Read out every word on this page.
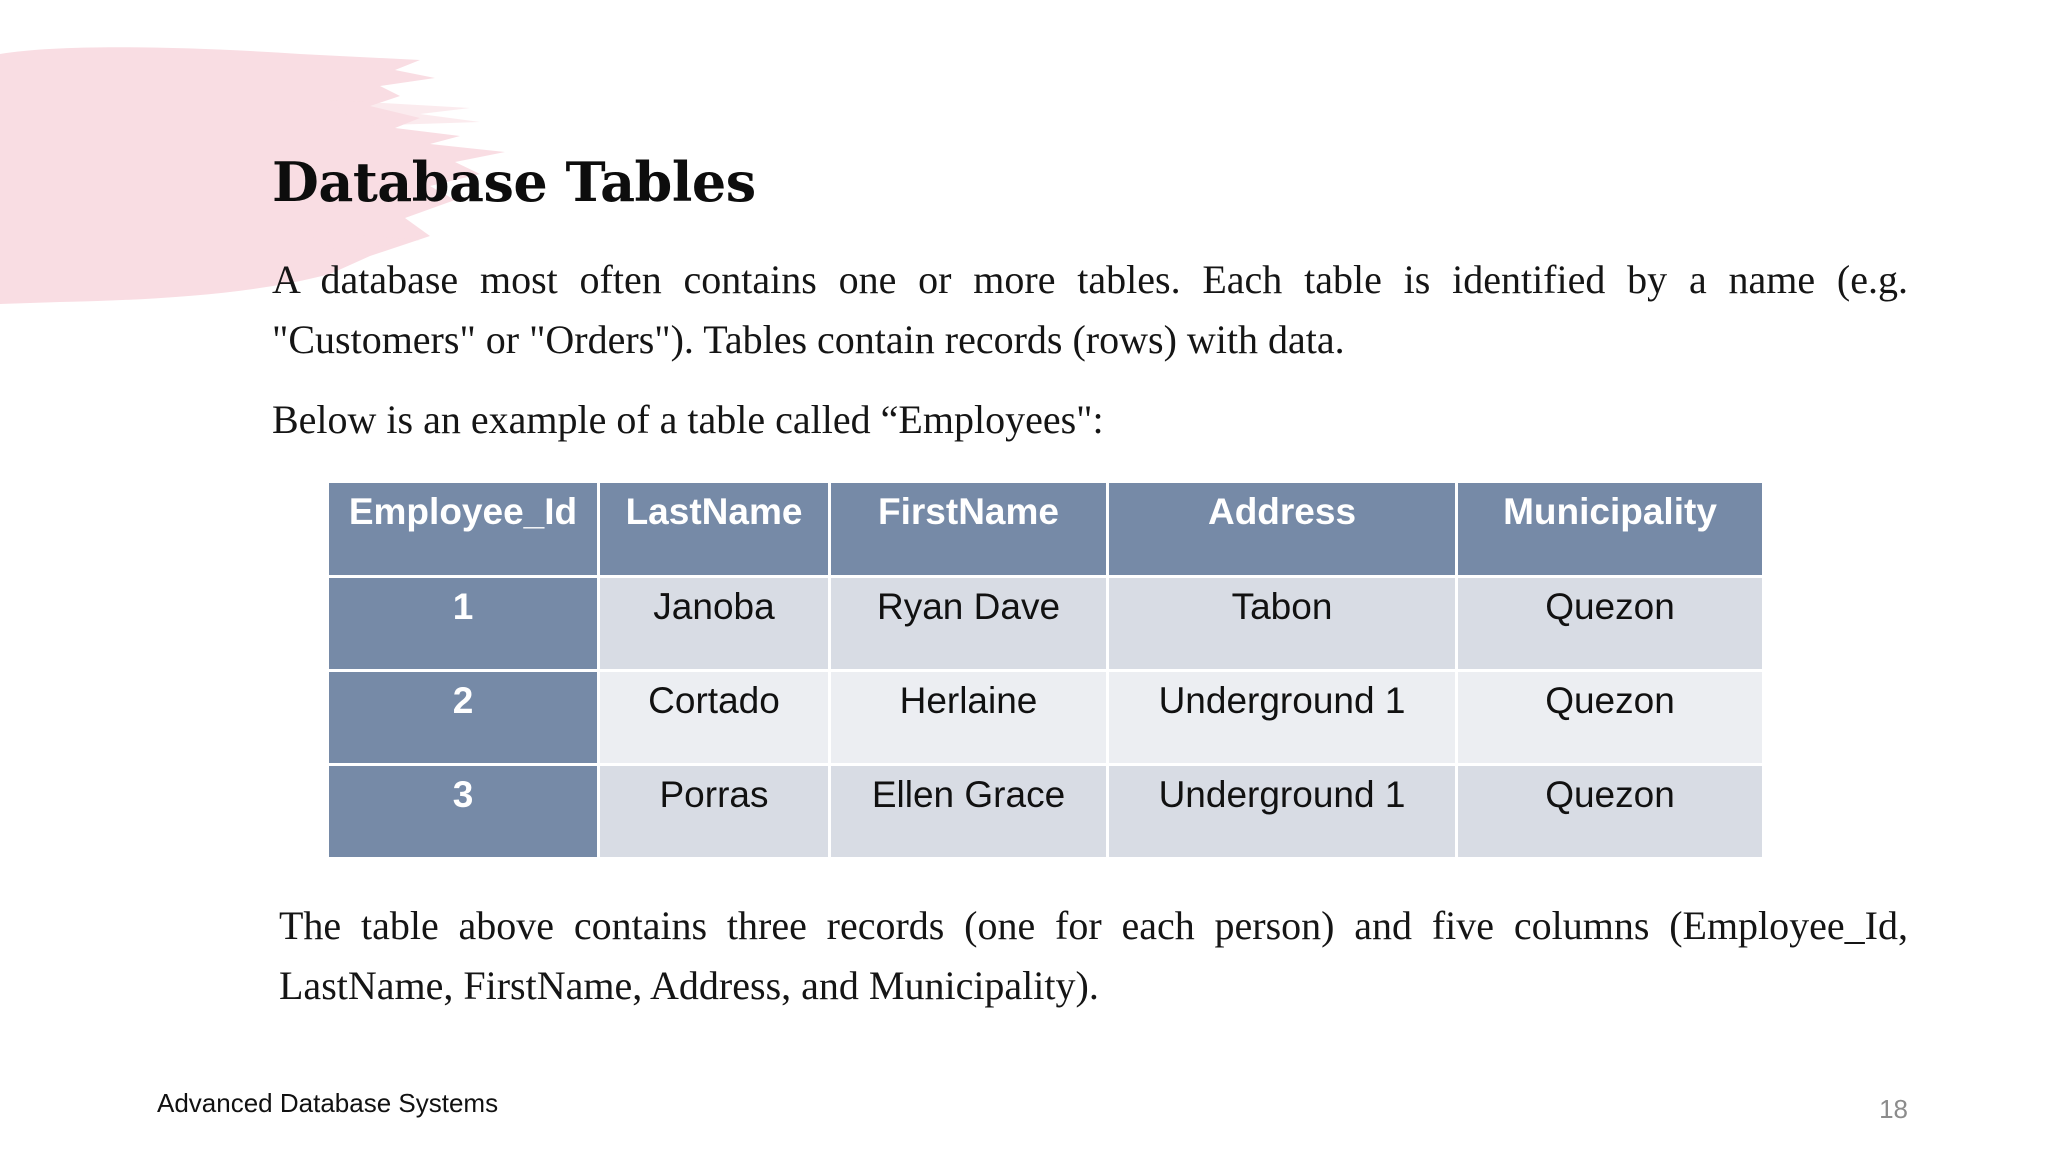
Database Tables

A database most often contains one or more tables. Each table is identified by a name (e.g. "Customers" or "Orders"). Tables contain records (rows) with data.

Below is an example of a table called “Employees":

Employee_Id	LastName	FirstName	Address	Municipality
1	Janoba	Ryan Dave	Tabon	Quezon
2	Cortado	Herlaine	Underground 1	Quezon
3	Porras	Ellen Grace	Underground 1	Quezon

The table above contains three records (one for each person) and five columns (Employee_Id, LastName, FirstName, Address, and Municipality).

Advanced Database Systems	18
